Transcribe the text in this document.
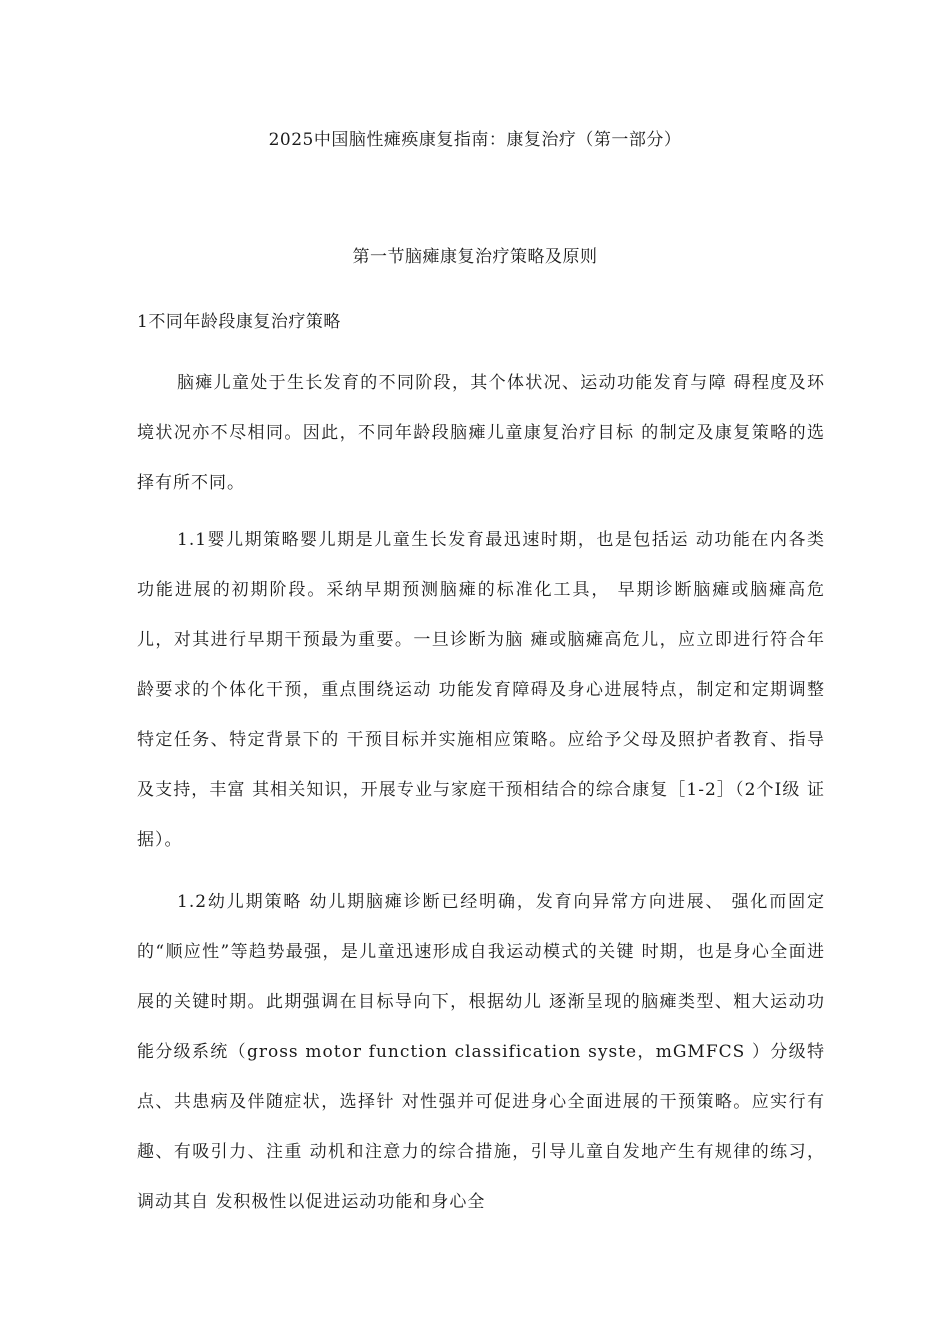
2025中国脑性瘫痪康复指南：康复治疗（第一部分）
第一节脑瘫康复治疗策略及原则
1不同年龄段康复治疗策略
脑瘫儿童处于生长发育的不同阶段，其个体状况、运动功能发育与障 碍程度及环境状况亦不尽相同。因此，不同年龄段脑瘫儿童康复治疗目标 的制定及康复策略的选择有所不同。
1.1婴儿期策略婴儿期是儿童生长发育最迅速时期，也是包括运 动功能在内各类功能进展的初期阶段。采纳早期预测脑瘫的标准化工具， 早期诊断脑瘫或脑瘫高危儿，对其进行早期干预最为重要。一旦诊断为脑 瘫或脑瘫高危儿，应立即进行符合年龄要求的个体化干预，重点围绕运动 功能发育障碍及身心进展特点，制定和定期调整特定任务、特定背景下的 干预目标并实施相应策略。应给予父母及照护者教育、指导及支持，丰富 其相关知识，开展专业与家庭干预相结合的综合康复［1-2］（2个I级 证据）。
1.2幼儿期策略 幼儿期脑瘫诊断已经明确，发育向异常方向进展、 强化而固定的“顺应性”等趋势最强，是儿童迅速形成自我运动模式的关键 时期，也是身心全面进展的关键时期。此期强调在目标导向下，根据幼儿 逐渐呈现的脑瘫类型、粗大运动功能分级系统（gross motor function classification syste，mGMFCS ）分级特点、共患病及伴随症状，选择针 对性强并可促进身心全面进展的干预策略。应实行有趣、有吸引力、注重 动机和注意力的综合措施，引导儿童自发地产生有规律的练习，调动其自 发积极性以促进运动功能和身心全
